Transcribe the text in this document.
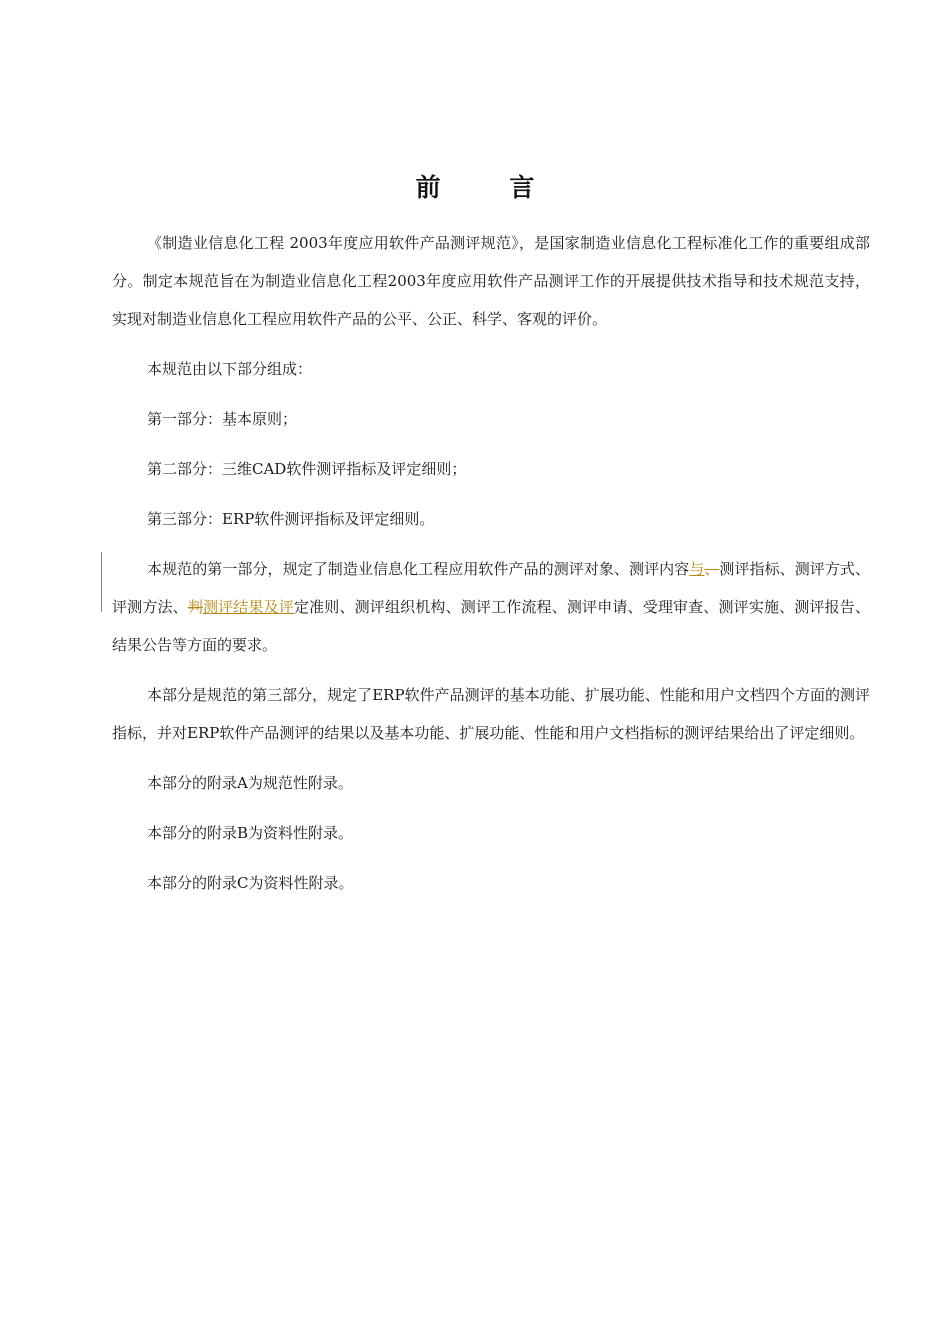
前 言

《制造业信息化工程 2003年度应用软件产品测评规范》，是国家制造业信息化工程标准化工作的重要组成部分。制定本规范旨在为制造业信息化工程2003年度应用软件产品测评工作的开展提供技术指导和技术规范支持，实现对制造业信息化工程应用软件产品的公平、公正、科学、客观的评价。

本规范由以下部分组成：

第一部分：基本原则；

第二部分：三维CAD软件测评指标及评定细则；

第三部分：ERP软件测评指标及评定细则。

本规范的第一部分，规定了制造业信息化工程应用软件产品的测评对象、测评内容与、测评指标、测评方式、评测方法、判测评结果及评定准则、测评组织机构、测评工作流程、测评申请、受理审查、测评实施、测评报告、结果公告等方面的要求。

本部分是规范的第三部分，规定了ERP软件产品测评的基本功能、扩展功能、性能和用户文档四个方面的测评指标，并对ERP软件产品测评的结果以及基本功能、扩展功能、性能和用户文档指标的测评结果给出了评定细则。

本部分的附录A为规范性附录。

本部分的附录B为资料性附录。

本部分的附录C为资料性附录。
